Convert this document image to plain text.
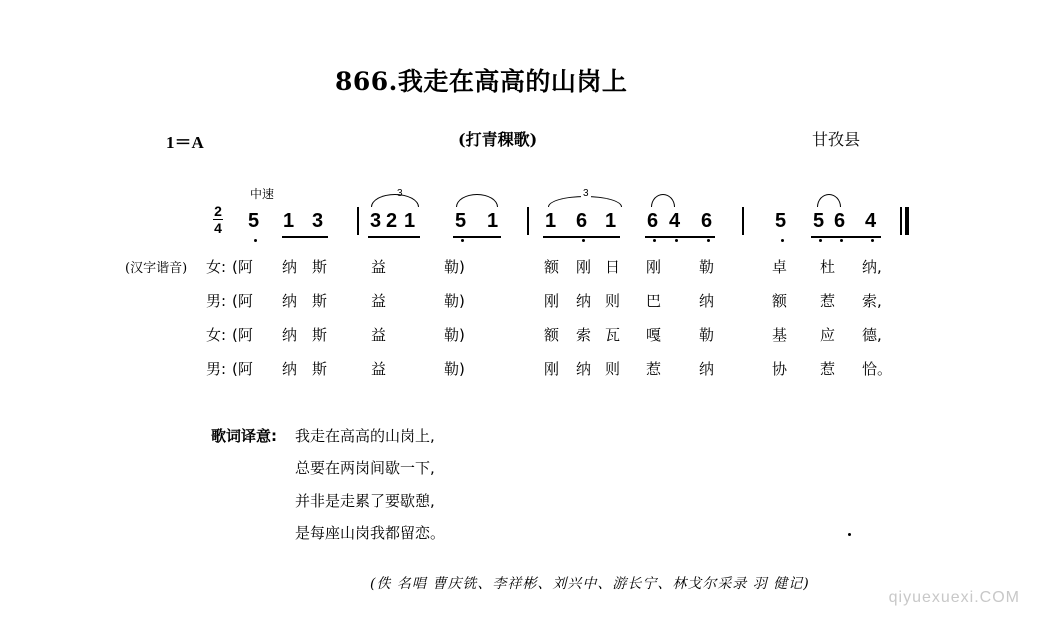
866.我走在高高的山岗上
1＝A	(打青稞歌)	甘孜县
中速
2
4 5 1 3 3 2 1 5 1
3
1 6 1 6 4 6
3
5 5 6 4
(汉字谐音) 女: (阿 纳 斯	益	勒)	额 刚 日 刚	勒	卓 杜 纳,
男: (阿 纳 斯	益	勒)	刚 纳 则 巴	纳	额 惹 索,
女: (阿 纳 斯	益	勒)	额 索 瓦 嘎	勒	基 应 德,
男: (阿 纳 斯	益	勒)	刚 纳 则 惹	纳	协 惹 恰。
歌词译意: 我走在高高的山岗上,
总要在两岗间歇一下,
并非是走累了要歇憩,
是每座山岗我都留恋。
(佚 名唱 曹庆铣、李祥彬、刘兴中、游长宁、林戈尔采录 羽 健记)
qiyuexuexi.COM
